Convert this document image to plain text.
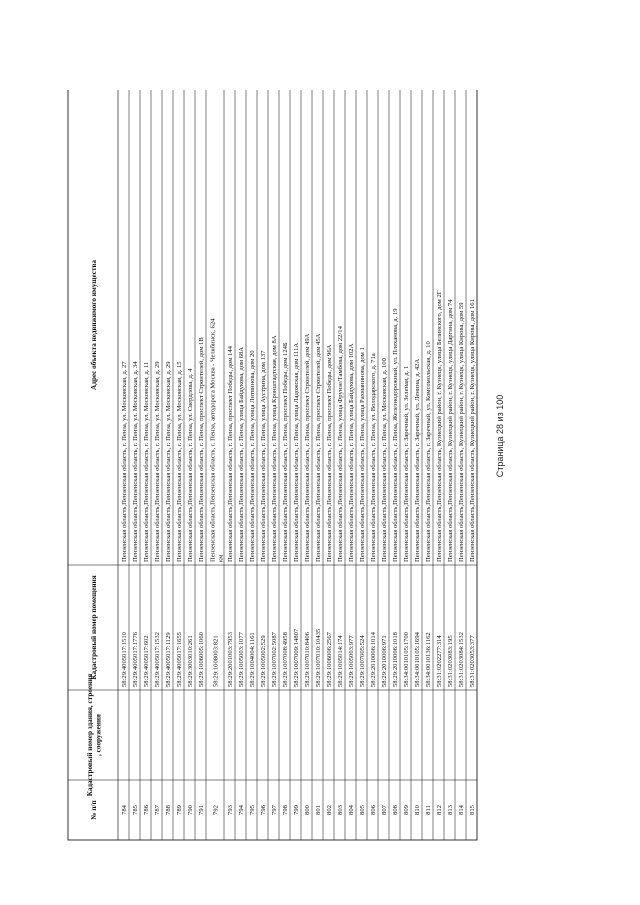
№ п/п
Кадастровый номер здания, строения, сооружения
Кадастровый номер помещения
Адрес объекта недвижимого имущества
784
58:29:4005017:1510
Пензенская область,Пензенская область, г. Пенза, ул. Московская, д. 27
785
58:29:4005017:1776
Пензенская область,Пензенская область, г. Пенза, ул. Московская, д. 34
786
58:29:4005017:602
Пензенская область,Пензенская область, г. Пенза, ул. Московская, д. 11
787
58:29:4005017:1532
Пензенская область,Пензенская область, г. Пенза, ул. Московская, д. 29
788
58:29:4005017:1129
Пензенская область,Пензенская область, г. Пенза, ул. Московская, д. 29
789
58:29:4005017:1655
Пензенская область,Пензенская область, г. Пенза, ул. Московская, д. 15
790
58:29:3003010:261
Пензенская область,Пензенская область, г. Пенза, ул. Свердлова, д. 4
791
58:29:1006005:1060
Пензенская область,Пензенская область, г. Пенза, проспект Строителей, дом 1В
792
58:29:1008003:821
Пензенская область,Пензенская область, г. Пенза, автодорога Москва - Челябинск, 624км
793
58:29:2001003:7953
Пензенская область,Пензенская область, г. Пенза, проспект Победы, дом 144
794
58:29:1005003:1077
Пензенская область,Пензенская область, г. Пенза, улица Байдукова, дом 68А
795
58:29:1004004:1161
Пензенская область,Пензенская область, г. Пенза, улица Литвинова, дом 20
796
58:29:1005002:529
Пензенская область,Пензенская область, г. Пенза, улица Аустрина, дом 137
797
58:29:1007002:5087
Пензенская область,Пензенская область, г. Пенза, улица Кронштадтская, дом 8А
798
58:29:1007008:4958
Пензенская область,Пензенская область, г. Пенза, проспект Победы, дом 124Б
799
58:29:1007009:14807
Пензенская область,Пензенская область, г. Пенза, улица Ладожская, дом 111А
800
58:29:1007010:8406
Пензенская область,Пензенская область, г. Пенза, проспект Строителей, дом 49А
801
58:29:1007010:10435
Пензенская область,Пензенская область, г. Пенза, проспект Строителей, дом 45А
802
58:29:1006006:2567
Пензенская область,Пензенская область, г. Пенза, проспект Победы, дом 96А
803
58:29:1005014:174
Пензенская область,Пензенская область, г. Пенза, улица Фрунзе/Тамбова, дом 22/14
804
58:29:1005003:977
Пензенская область,Пензенская область, г. Пенза, улица Байдукова, дом 102А
805
58:29:1007005:524
Пензенская область,Пензенская область, г. Пенза, улица Рахманинова, дом 1
806
58:29:2010006:1014
Пензенская область,Пензенская область, г. Пенза, ул. Володарского, д. 71а
807
58:29:2010006:971
Пензенская область,Пензенская область, г. Пенза, ул. Московская, д. 100
808
58:29:2010006:1018
Пензенская область,Пензенская область, г. Пенза, Железнодорожный, ул. Плеханова, д. 19
809
58:34:0010105:1700
Пензенская область,Пензенская область, г. Заречный, ул. Зеленая, д. 1
810
58:34:0010105:1694
Пензенская область,Пензенская область, г. Заречный, ул. Ленина, д. 42А
811
58:34:0010136:1162
Пензенская область,Пензенская область, г. Заречный, ул. Комсомольская, д. 10
812
58:31:0202277:314
Пензенская область,Пензенская область, Кузнецкий район, г. Кузнецк, улица Белинского, дом 2Г
813
58:31:0203083:195
Пензенская область,Пензенская область, Кузнецкий район, г. Кузнецк, улица Даргина, дом 74
814
58:31:0203084:1532
Пензенская область,Пензенская область, Кузнецкий район, г. Кузнецк, улица Кирова, дом 59
815
58:31:0203053:377
Пензенская область,Пензенская область, Кузнецкий район, г. Кузнецк, улица Кирова, дом 161 Страница 28 из 100
